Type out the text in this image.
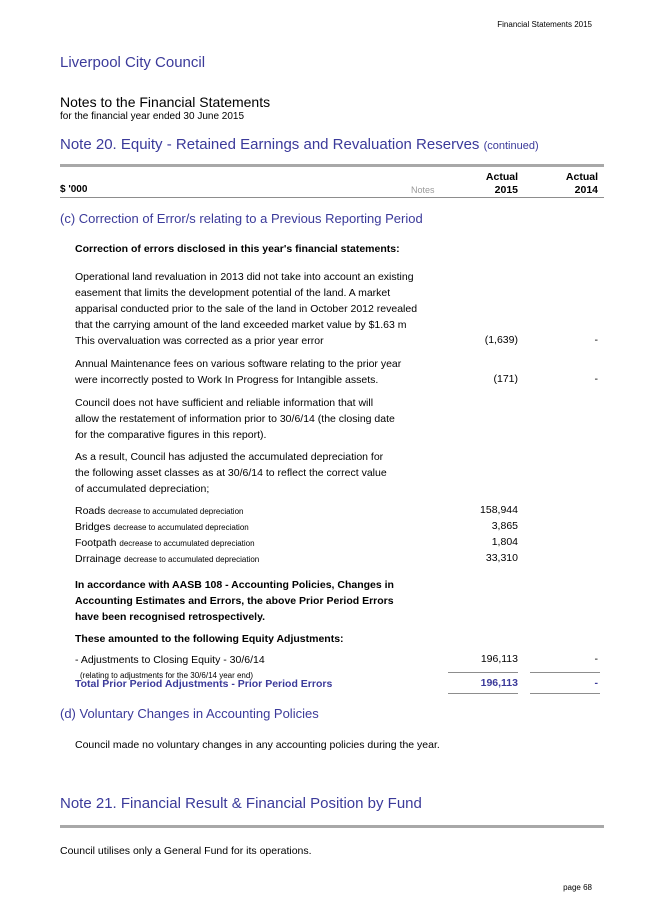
Financial Statements 2015
Liverpool City Council
Notes to the Financial Statements
for the financial year ended 30 June 2015
Note 20. Equity - Retained Earnings and Revaluation Reserves (continued)
Actual	Actual
$ '000	Notes	2015	2014
(c) Correction of Error/s relating to a Previous Reporting Period
Correction of errors disclosed in this year's financial statements:
Operational land revaluation in 2013 did not take into account an existing
easement that limits the development potential of the land. A market
apparisal conducted prior to the sale of the land in October 2012 revealed
that the carrying amount of the land exceeded market value by $1.63 m
This overvaluation was corrected as a prior year error	(1,639)	-
Annual Maintenance fees on various software relating to the prior year
were incorrectly posted to Work In Progress for Intangible assets.	(171)	-
Council does not have sufficient and reliable information that will
allow the restatement of information prior to 30/6/14 (the closing date
for the comparative figures in this report).
As a result, Council has adjusted the accumulated depreciation for
the following asset classes as at 30/6/14 to reflect the correct value
of accumulated depreciation;
Roads decrease to accumulated depreciation	158,944
Bridges decrease to accumulated depreciation	3,865
Footpath decrease to accumulated depreciation	1,804
Drrainage decrease to accumulated depreciation	33,310
In accordance with AASB 108 - Accounting Policies, Changes in
Accounting Estimates and Errors, the above Prior Period Errors
have been recognised retrospectively.
These amounted to the following Equity Adjustments:
- Adjustments to Closing Equity - 30/6/14	196,113	-
(relating to adjustments for the 30/6/14 year end)
Total Prior Period Adjustments - Prior Period Errors	196,113	-
(d) Voluntary Changes in Accounting Policies
Council made no voluntary changes in any accounting policies during the year.
Note 21. Financial Result & Financial Position by Fund
Council utilises only a General Fund for its operations.
page 68
